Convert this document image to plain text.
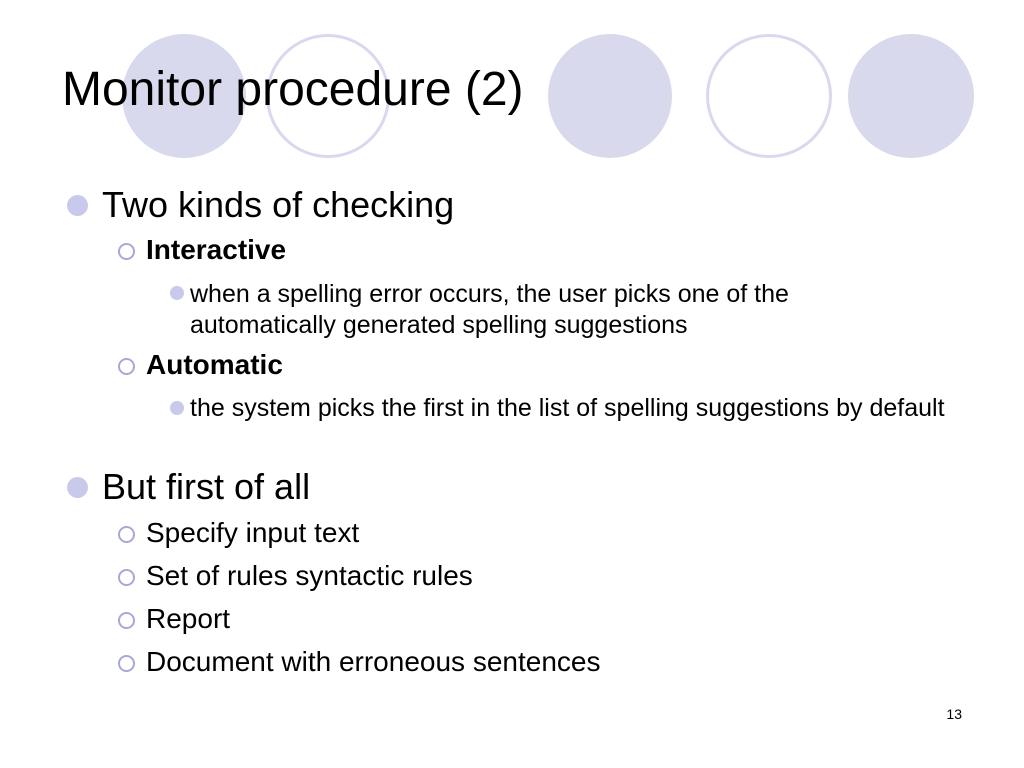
Monitor procedure (2)
Two kinds of checking
Interactive
when a spelling error occurs, the user picks one of the automatically generated spelling suggestions
Automatic
the system picks the first in the list of spelling suggestions by default
But first of all
Specify input text
Set of rules syntactic rules
Report
Document with erroneous sentences
13
